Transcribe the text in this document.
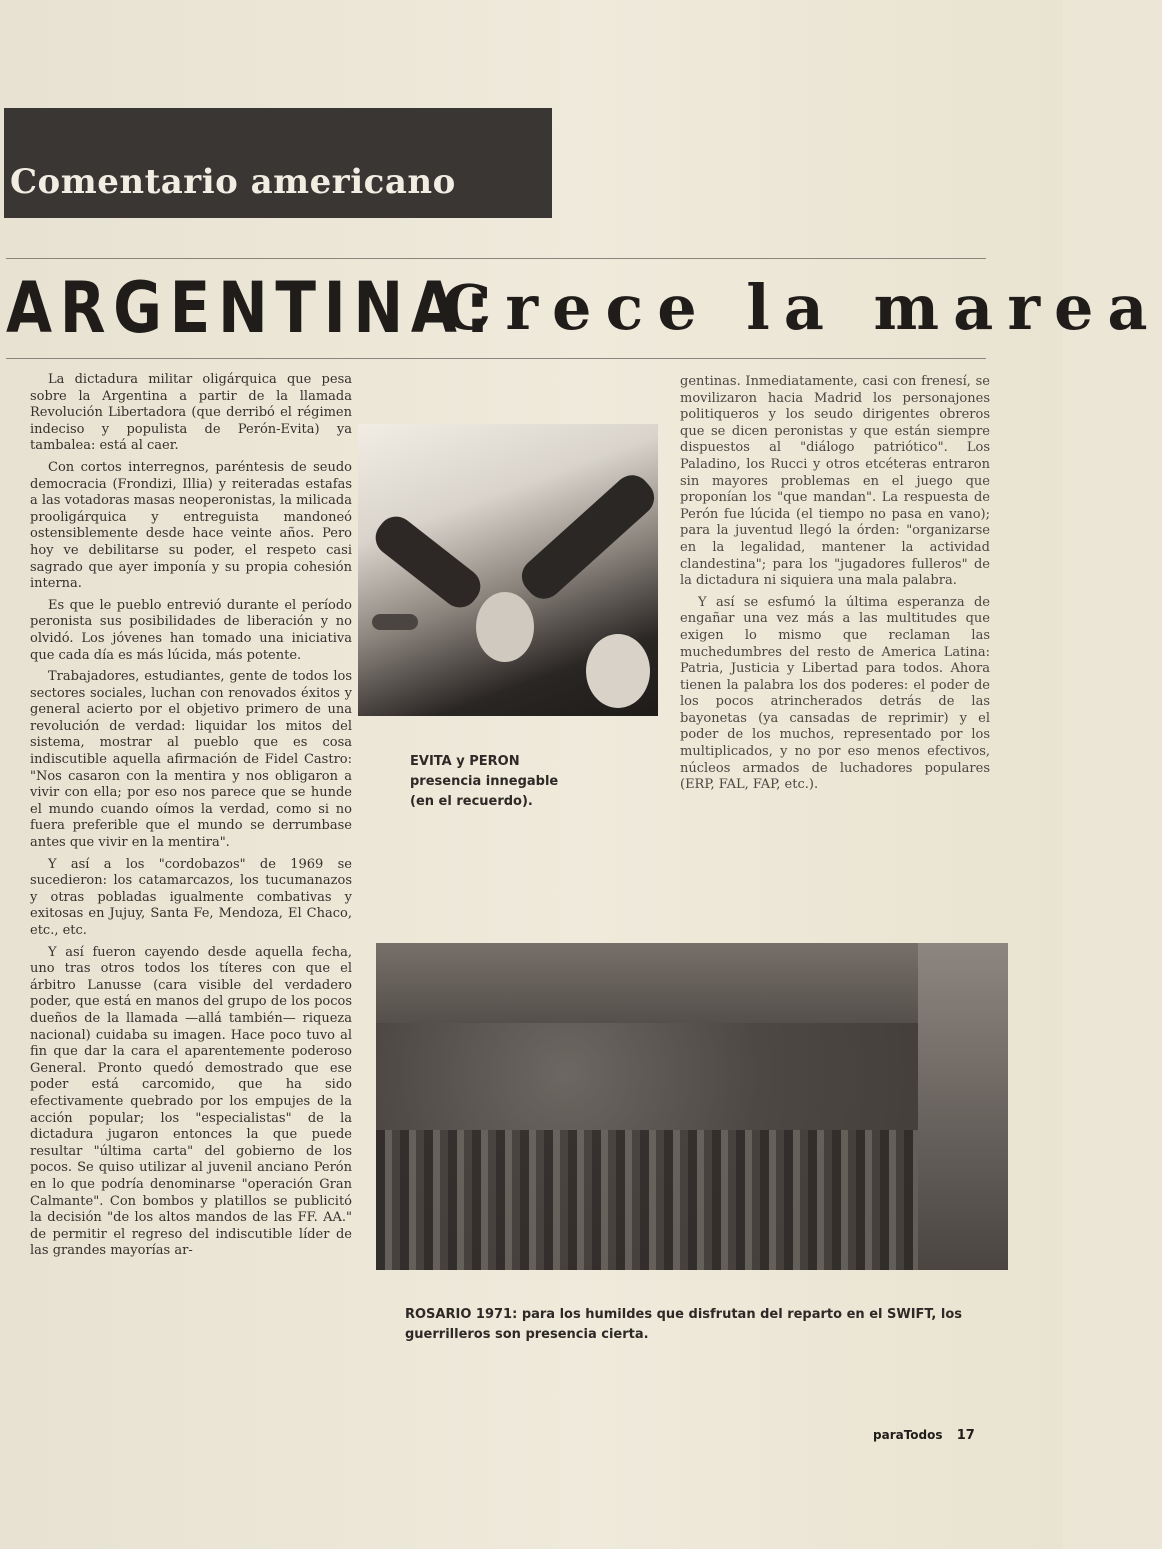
Comentario americano
ARGENTINA:
Crece la marea

La dictadura militar oligárquica que pesa sobre la Argentina a partir de la llamada Revolución Libertadora (que derribó el régimen indeciso y populista de Perón-Evita) ya tambalea: está al caer.

Con cortos interregnos, paréntesis de seudo democracia (Frondizi, Illia) y reiteradas estafas a las votadoras masas neoperonistas, la milicada prooligárquica y entreguista mandoneó ostensiblemente desde hace veinte años. Pero hoy ve debilitarse su poder, el respeto casi sagrado que ayer imponía y su propia cohesión interna.

Es que le pueblo entrevió durante el período peronista sus posibilidades de liberación y no olvidó. Los jóvenes han tomado una iniciativa que cada día es más lúcida, más potente.

Trabajadores, estudiantes, gente de todos los sectores sociales, luchan con renovados éxitos y general acierto por el objetivo primero de una revolución de verdad: liquidar los mitos del sistema, mostrar al pueblo que es cosa indiscutible aquella afirmación de Fidel Castro: "Nos casaron con la mentira y nos obligaron a vivir con ella; por eso nos parece que se hunde el mundo cuando oímos la verdad, como si no fuera preferible que el mundo se derrumbase antes que vivir en la mentira".

Y así a los "cordobazos" de 1969 se sucedieron: los catamarcazos, los tucumanazos y otras pobladas igualmente combativas y exitosas en Jujuy, Santa Fe, Mendoza, El Chaco, etc., etc.

Y así fueron cayendo desde aquella fecha, uno tras otros todos los títeres con que el árbitro Lanusse (cara visible del verdadero poder, que está en manos del grupo de los pocos dueños de la llamada —allá también— riqueza nacional) cuidaba su imagen. Hace poco tuvo al fin que dar la cara el aparentemente poderoso General. Pronto quedó demostrado que ese poder está carcomido, que ha sido efectivamente quebrado por los empujes de la acción popular; los "especialistas" de la dictadura jugaron entonces la que puede resultar "última carta" del gobierno de los pocos. Se quiso utilizar al juvenil anciano Perón en lo que podría denominarse "operación Gran Calmante". Con bombos y platillos se publicitó la decisión "de los altos mandos de las FF. AA." de permitir el regreso del indiscutible líder de las grandes mayorías ar-

EVITA y PERON presencia innegable (en el recuerdo).

gentinas. Inmediatamente, casi con frenesí, se movilizaron hacia Madrid los personajones politiqueros y los seudo dirigentes obreros que se dicen peronistas y que están siempre dispuestos al "diálogo patriótico". Los Paladino, los Rucci y otros etcéteras entraron sin mayores problemas en el juego que proponían los "que mandan". La respuesta de Perón fue lúcida (el tiempo no pasa en vano); para la juventud llegó la órden: "organizarse en la legalidad, mantener la actividad clandestina"; para los "jugadores fulleros" de la dictadura ni siquiera una mala palabra.

Y así se esfumó la última esperanza de engañar una vez más a las multitudes que exigen lo mismo que reclaman las muchedumbres del resto de America Latina: Patria, Justicia y Libertad para todos. Ahora tienen la palabra los dos poderes: el poder de los pocos atrincherados detrás de las bayonetas (ya cansadas de reprimir) y el poder de los muchos, representado por los multiplicados, y no por eso menos efectivos, núcleos armados de luchadores populares (ERP, FAL, FAP, etc.).

ROSARIO 1971: para los humildes que disfrutan del reparto en el SWIFT, los guerrilleros son presencia cierta.
paraTodos 17
